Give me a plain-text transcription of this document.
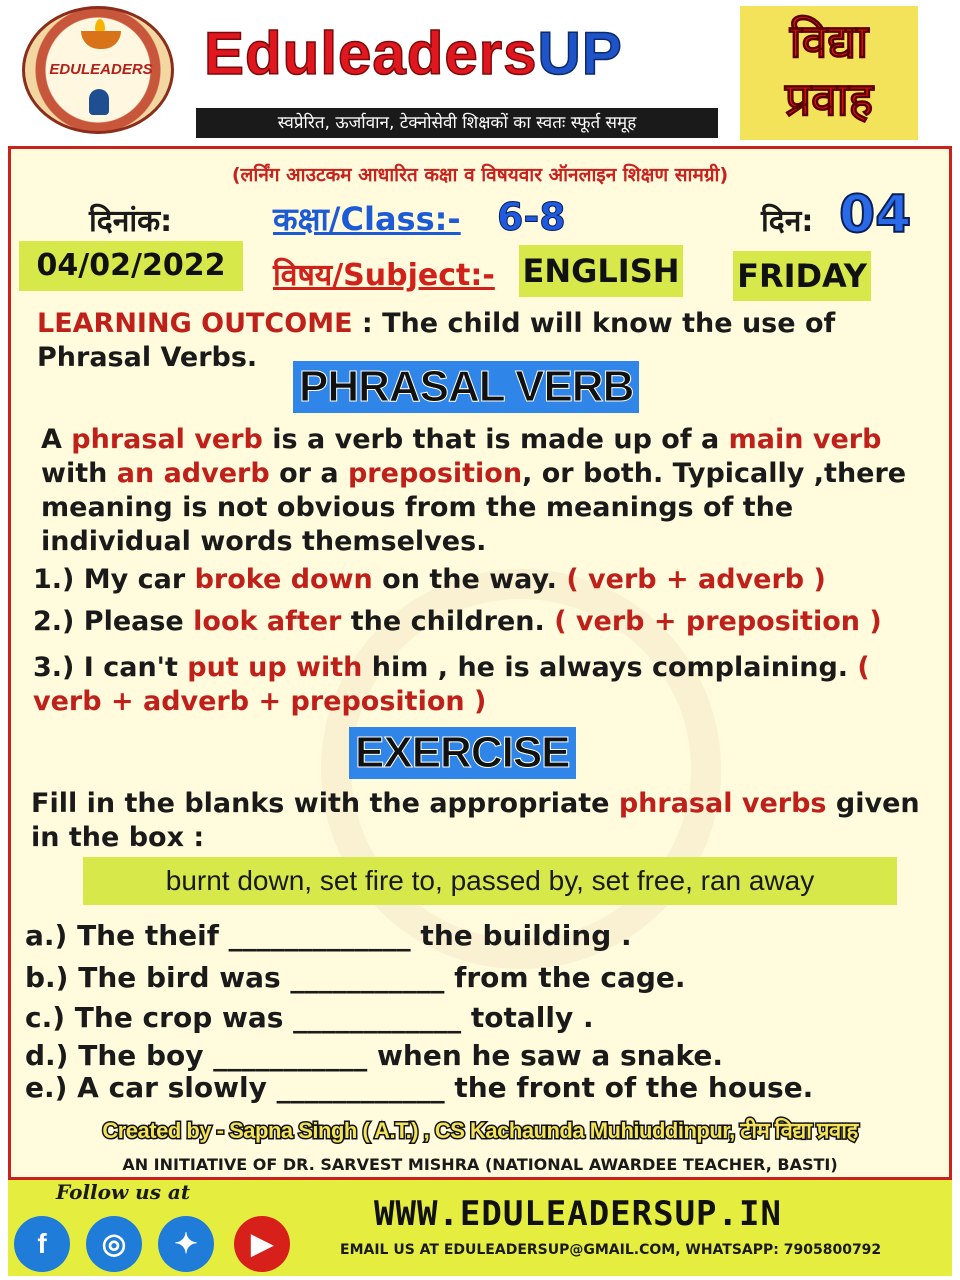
EDULEADERS EduleadersUP
स्वप्रेरित, ऊर्जावान, टेक्नोसेवी शिक्षकों का स्वतः स्फूर्त समूह
विद्या
प्रवाह
(लर्निंग आउटकम आधारित कक्षा व विषयवार ऑनलाइन शिक्षण सामग्री)
दिनांक:	कक्षा/Class:- 6-8	दिन: 04
04/02/2022	विषय/Subject:- ENGLISH FRIDAY
LEARNING OUTCOME : The child will know the use of Phrasal Verbs.
PHRASAL VERB
A phrasal verb is a verb that is made up of a main verb with an adverb or a preposition, or both. Typically ,there meaning is not obvious from the meanings of the individual words themselves.
1.) My car broke down on the way. ( verb + adverb )
2.) Please look after the children. ( verb + preposition )
3.) I can't put up with him , he is always complaining. ( verb + adverb + preposition )
EXERCISE
Fill in the blanks with the appropriate phrasal verbs given in the box :
burnt down, set fire to, passed by, set free, ran away
a.) The theif _____________ the building .
b.) The bird was ___________ from the cage.
c.) The crop was ____________ totally .
d.) The boy ___________ when he saw a snake.
e.) A car slowly ____________ the front of the house.
Created by - Sapna Singh ( A.T.) , CS Kachaunda Muhiuddinpur, टीम विद्या प्रवाह
AN INITIATIVE OF DR. SARVEST MISHRA (NATIONAL AWARDEE TEACHER, BASTI)
Follow us at
f	◎	✦	▶
WWW.EDULEADERSUP.IN
EMAIL US AT EDULEADERSUP@GMAIL.COM, WHATSAPP: 7905800792
